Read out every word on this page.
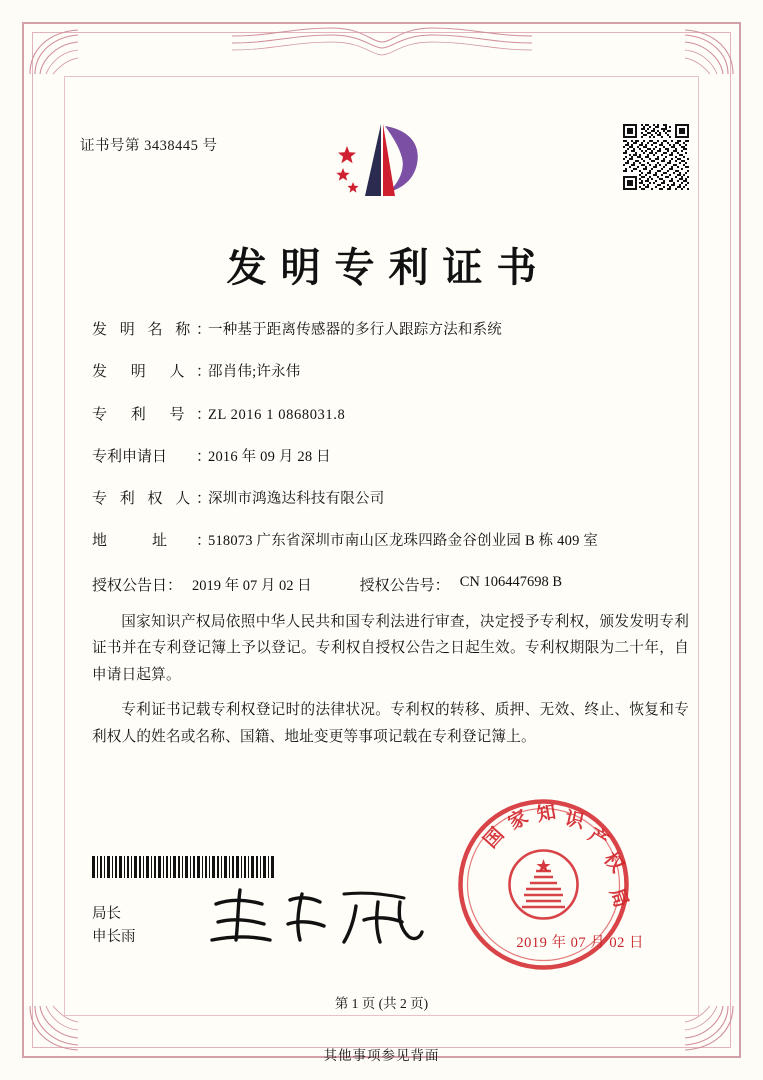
证书号第 3438445 号
发明专利证书
发 明 名 称 ：
一种基于距离传感器的多行人跟踪方法和系统
发 明 人 ：
邵肖伟;许永伟
专 利 号 ：
ZL 2016 1 0868031.8
专利申请日	：
2016 年 09 月 28 日
专 利 权 人 ：
深圳市鸿逸达科技有限公司
地　　　址	：
518073 广东省深圳市南山区龙珠四路金谷创业园 B 栋 409 室
授权公告日 ： 2019 年 07 月 02 日	授权公告号 ： CN 106447698 B
国家知识产权局依照中华人民共和国专利法进行审查，决定授予专利权，颁发发明专利证书并在专利登记簿上予以登记。专利权自授权公告之日起生效。专利权期限为二十年，自申请日起算。
专利证书记载专利权登记时的法律状况。专利权的转移、质押、无效、终止、恢复和专利权人的姓名或名称、国籍、地址变更等事项记载在专利登记簿上。
局长
申长雨
国
家 知 识
产
权
局
2019 年 07 月 02 日
第 1 页 (共 2 页)
其他事项参见背面
